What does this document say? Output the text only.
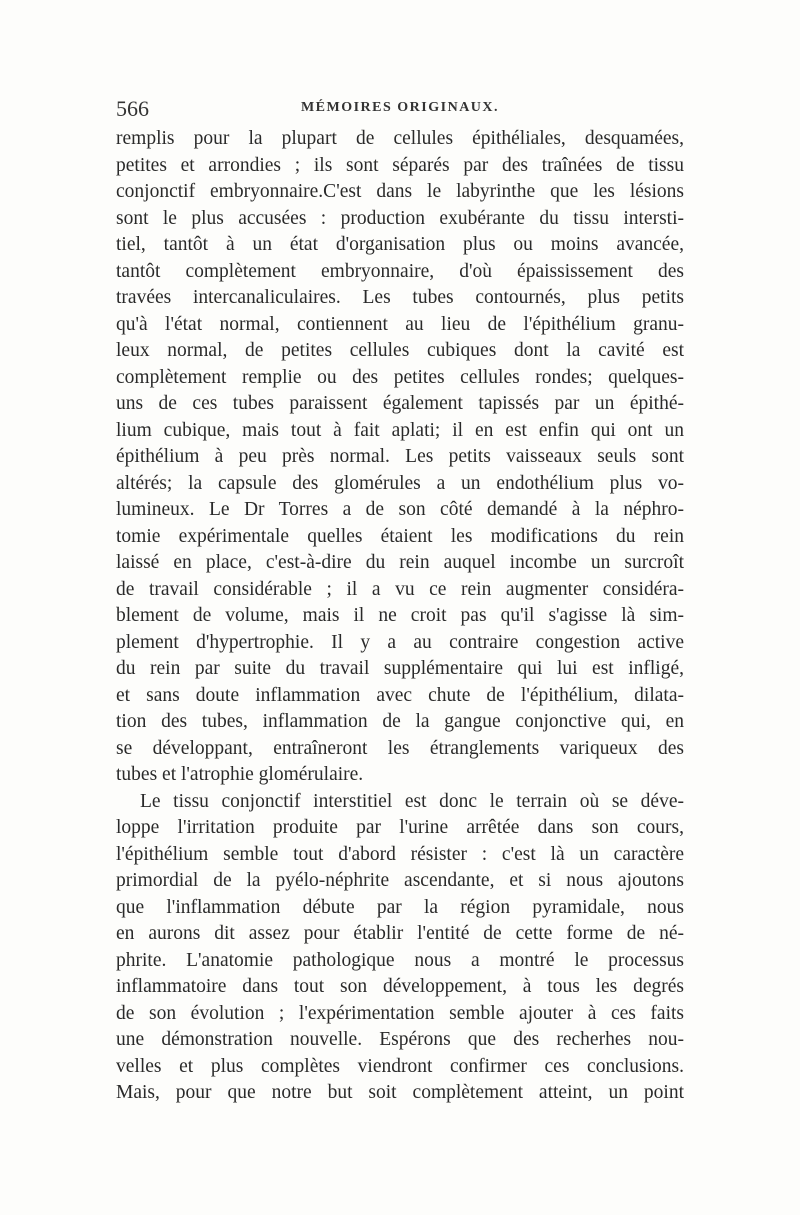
566	MÉMOIRES ORIGINAUX.
remplis pour la plupart de cellules épithéliales, desquamées,
petites et arrondies ; ils sont séparés par des traînées de tissu
conjonctif embryonnaire.C'est dans le labyrinthe que les lésions
sont le plus accusées : production exubérante du tissu intersti-
tiel, tantôt à un état d'organisation plus ou moins avancée,
tantôt complètement embryonnaire, d'où épaississement des
travées intercanaliculaires. Les tubes contournés, plus petits
qu'à l'état normal, contiennent au lieu de l'épithélium granu-
leux normal, de petites cellules cubiques dont la cavité est
complètement remplie ou des petites cellules rondes; quelques-
uns de ces tubes paraissent également tapissés par un épithé-
lium cubique, mais tout à fait aplati; il en est enfin qui ont un
épithélium à peu près normal. Les petits vaisseaux seuls sont
altérés; la capsule des glomérules a un endothélium plus vo-
lumineux. Le Dr Torres a de son côté demandé à la néphro-
tomie expérimentale quelles étaient les modifications du rein
laissé en place, c'est-à-dire du rein auquel incombe un surcroît
de travail considérable ; il a vu ce rein augmenter considéra-
blement de volume, mais il ne croit pas qu'il s'agisse là sim-
plement d'hypertrophie. Il y a au contraire congestion active
du rein par suite du travail supplémentaire qui lui est infligé,
et sans doute inflammation avec chute de l'épithélium, dilata-
tion des tubes, inflammation de la gangue conjonctive qui, en
se développant, entraîneront les étranglements variqueux des
tubes et l'atrophie glomérulaire.
Le tissu conjonctif interstitiel est donc le terrain où se déve-
loppe l'irritation produite par l'urine arrêtée dans son cours,
l'épithélium semble tout d'abord résister : c'est là un caractère
primordial de la pyélo-néphrite ascendante, et si nous ajoutons
que l'inflammation débute par la région pyramidale, nous
en aurons dit assez pour établir l'entité de cette forme de né-
phrite. L'anatomie pathologique nous a montré le processus
inflammatoire dans tout son développement, à tous les degrés
de son évolution ; l'expérimentation semble ajouter à ces faits
une démonstration nouvelle. Espérons que des recherhes nou-
velles et plus complètes viendront confirmer ces conclusions.
Mais, pour que notre but soit complètement atteint, un point
